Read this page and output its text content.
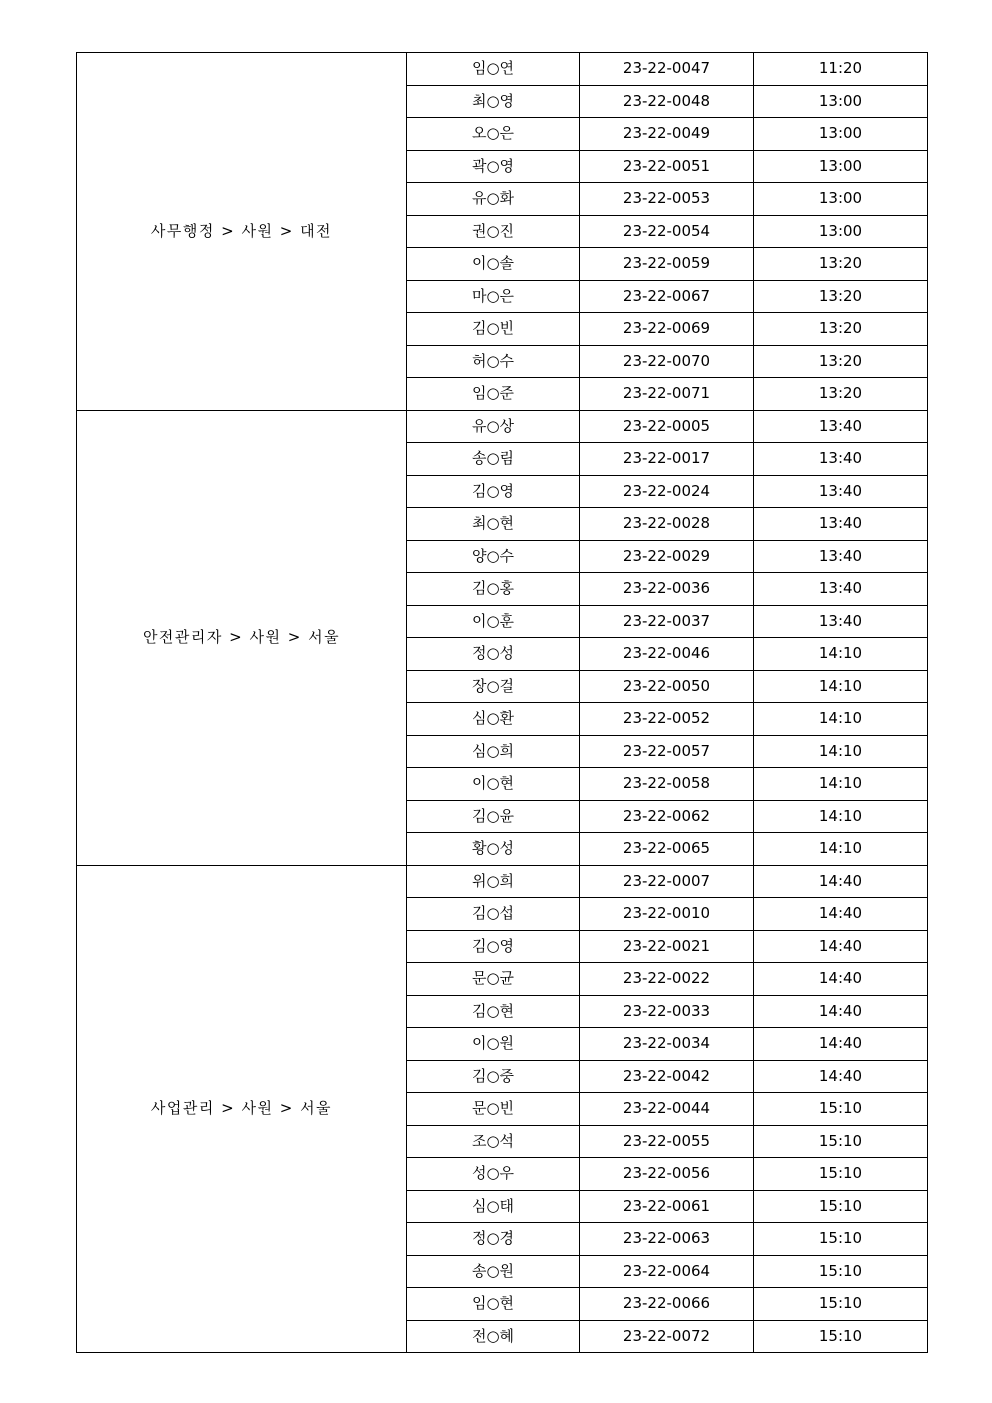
사무행정 > 사원 > 대전	임○연	23-22-0047	11:20
	최○영	23-22-0048	13:00
	오○은	23-22-0049	13:00
	곽○영	23-22-0051	13:00
	유○화	23-22-0053	13:00
	권○진	23-22-0054	13:00
	이○솔	23-22-0059	13:20
	마○은	23-22-0067	13:20
	김○빈	23-22-0069	13:20
	허○수	23-22-0070	13:20
	임○준	23-22-0071	13:20
안전관리자 > 사원 > 서울	유○상	23-22-0005	13:40
	송○림	23-22-0017	13:40
	김○영	23-22-0024	13:40
	최○현	23-22-0028	13:40
	양○수	23-22-0029	13:40
	김○홍	23-22-0036	13:40
	이○훈	23-22-0037	13:40
	정○성	23-22-0046	14:10
	장○걸	23-22-0050	14:10
	심○환	23-22-0052	14:10
	심○희	23-22-0057	14:10
	이○현	23-22-0058	14:10
	김○윤	23-22-0062	14:10
	황○성	23-22-0065	14:10
사업관리 > 사원 > 서울	위○희	23-22-0007	14:40
	김○섭	23-22-0010	14:40
	김○영	23-22-0021	14:40
	문○균	23-22-0022	14:40
	김○현	23-22-0033	14:40
	이○원	23-22-0034	14:40
	김○중	23-22-0042	14:40
	문○빈	23-22-0044	15:10
	조○석	23-22-0055	15:10
	성○우	23-22-0056	15:10
	심○태	23-22-0061	15:10
	정○경	23-22-0063	15:10
	송○원	23-22-0064	15:10
	임○현	23-22-0066	15:10
	전○혜	23-22-0072	15:10
